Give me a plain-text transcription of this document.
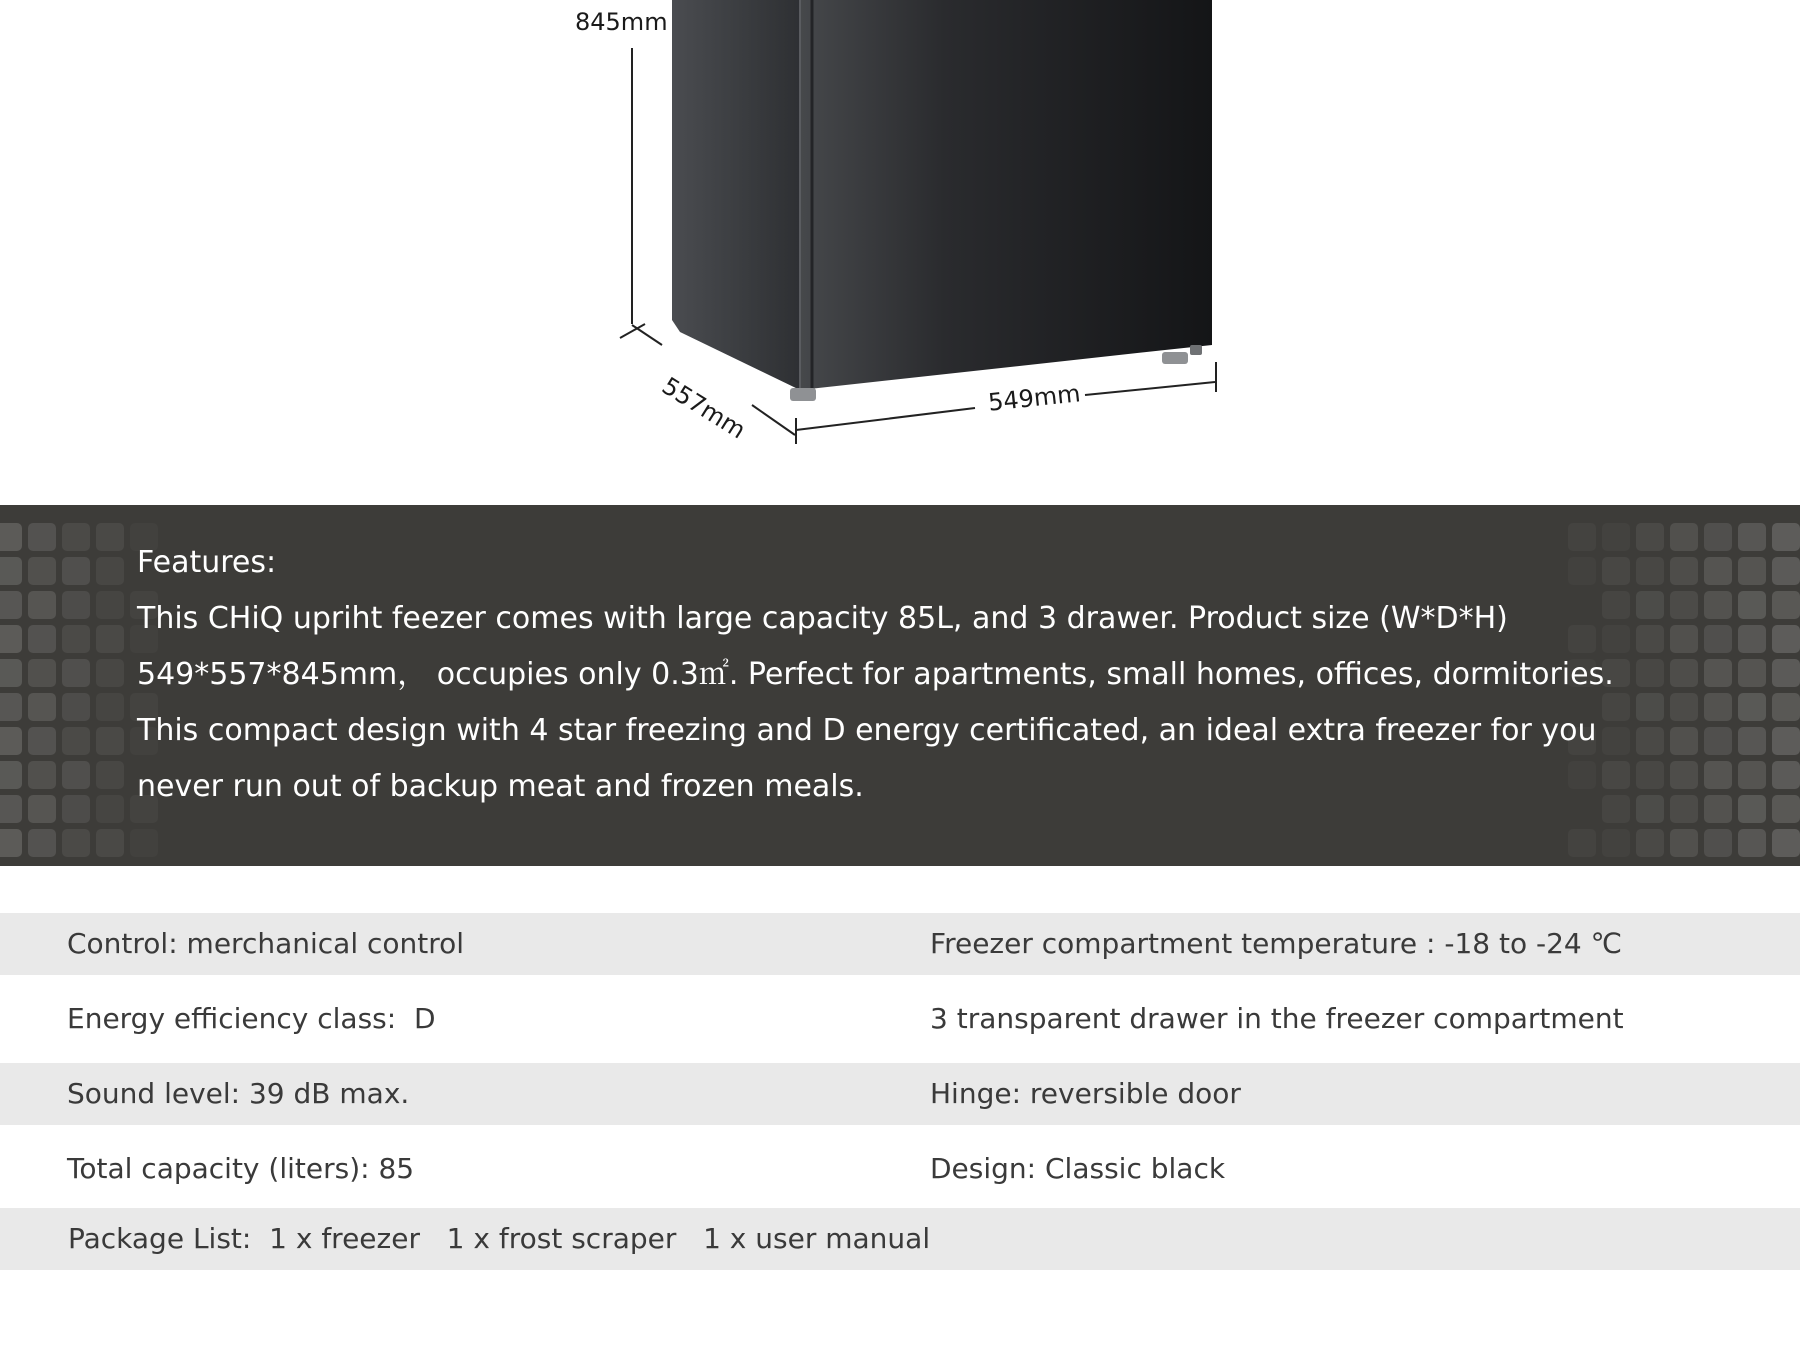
845mm
557mm	549mm

Features:

This CHiQ upriht feezer comes with large capacity 85L, and 3 drawer. Product size (W*D*H)

549*557*845mm， occupies only 0.3㎡. Perfect for apartments, small homes, offices, dormitories.

This compact design with 4 star freezing and D energy certificated, an ideal extra freezer for you

never run out of backup meat and frozen meals.

Control: merchanical control	Freezer compartment temperature : -18 to -24 ℃
Energy efficiency class:  D	3 transparent drawer in the freezer compartment
Sound level: 39 dB max.	Hinge: reversible door
Total capacity (liters): 85	Design: Classic black
Package List:  1 x freezer   1 x frost scraper   1 x user manual
